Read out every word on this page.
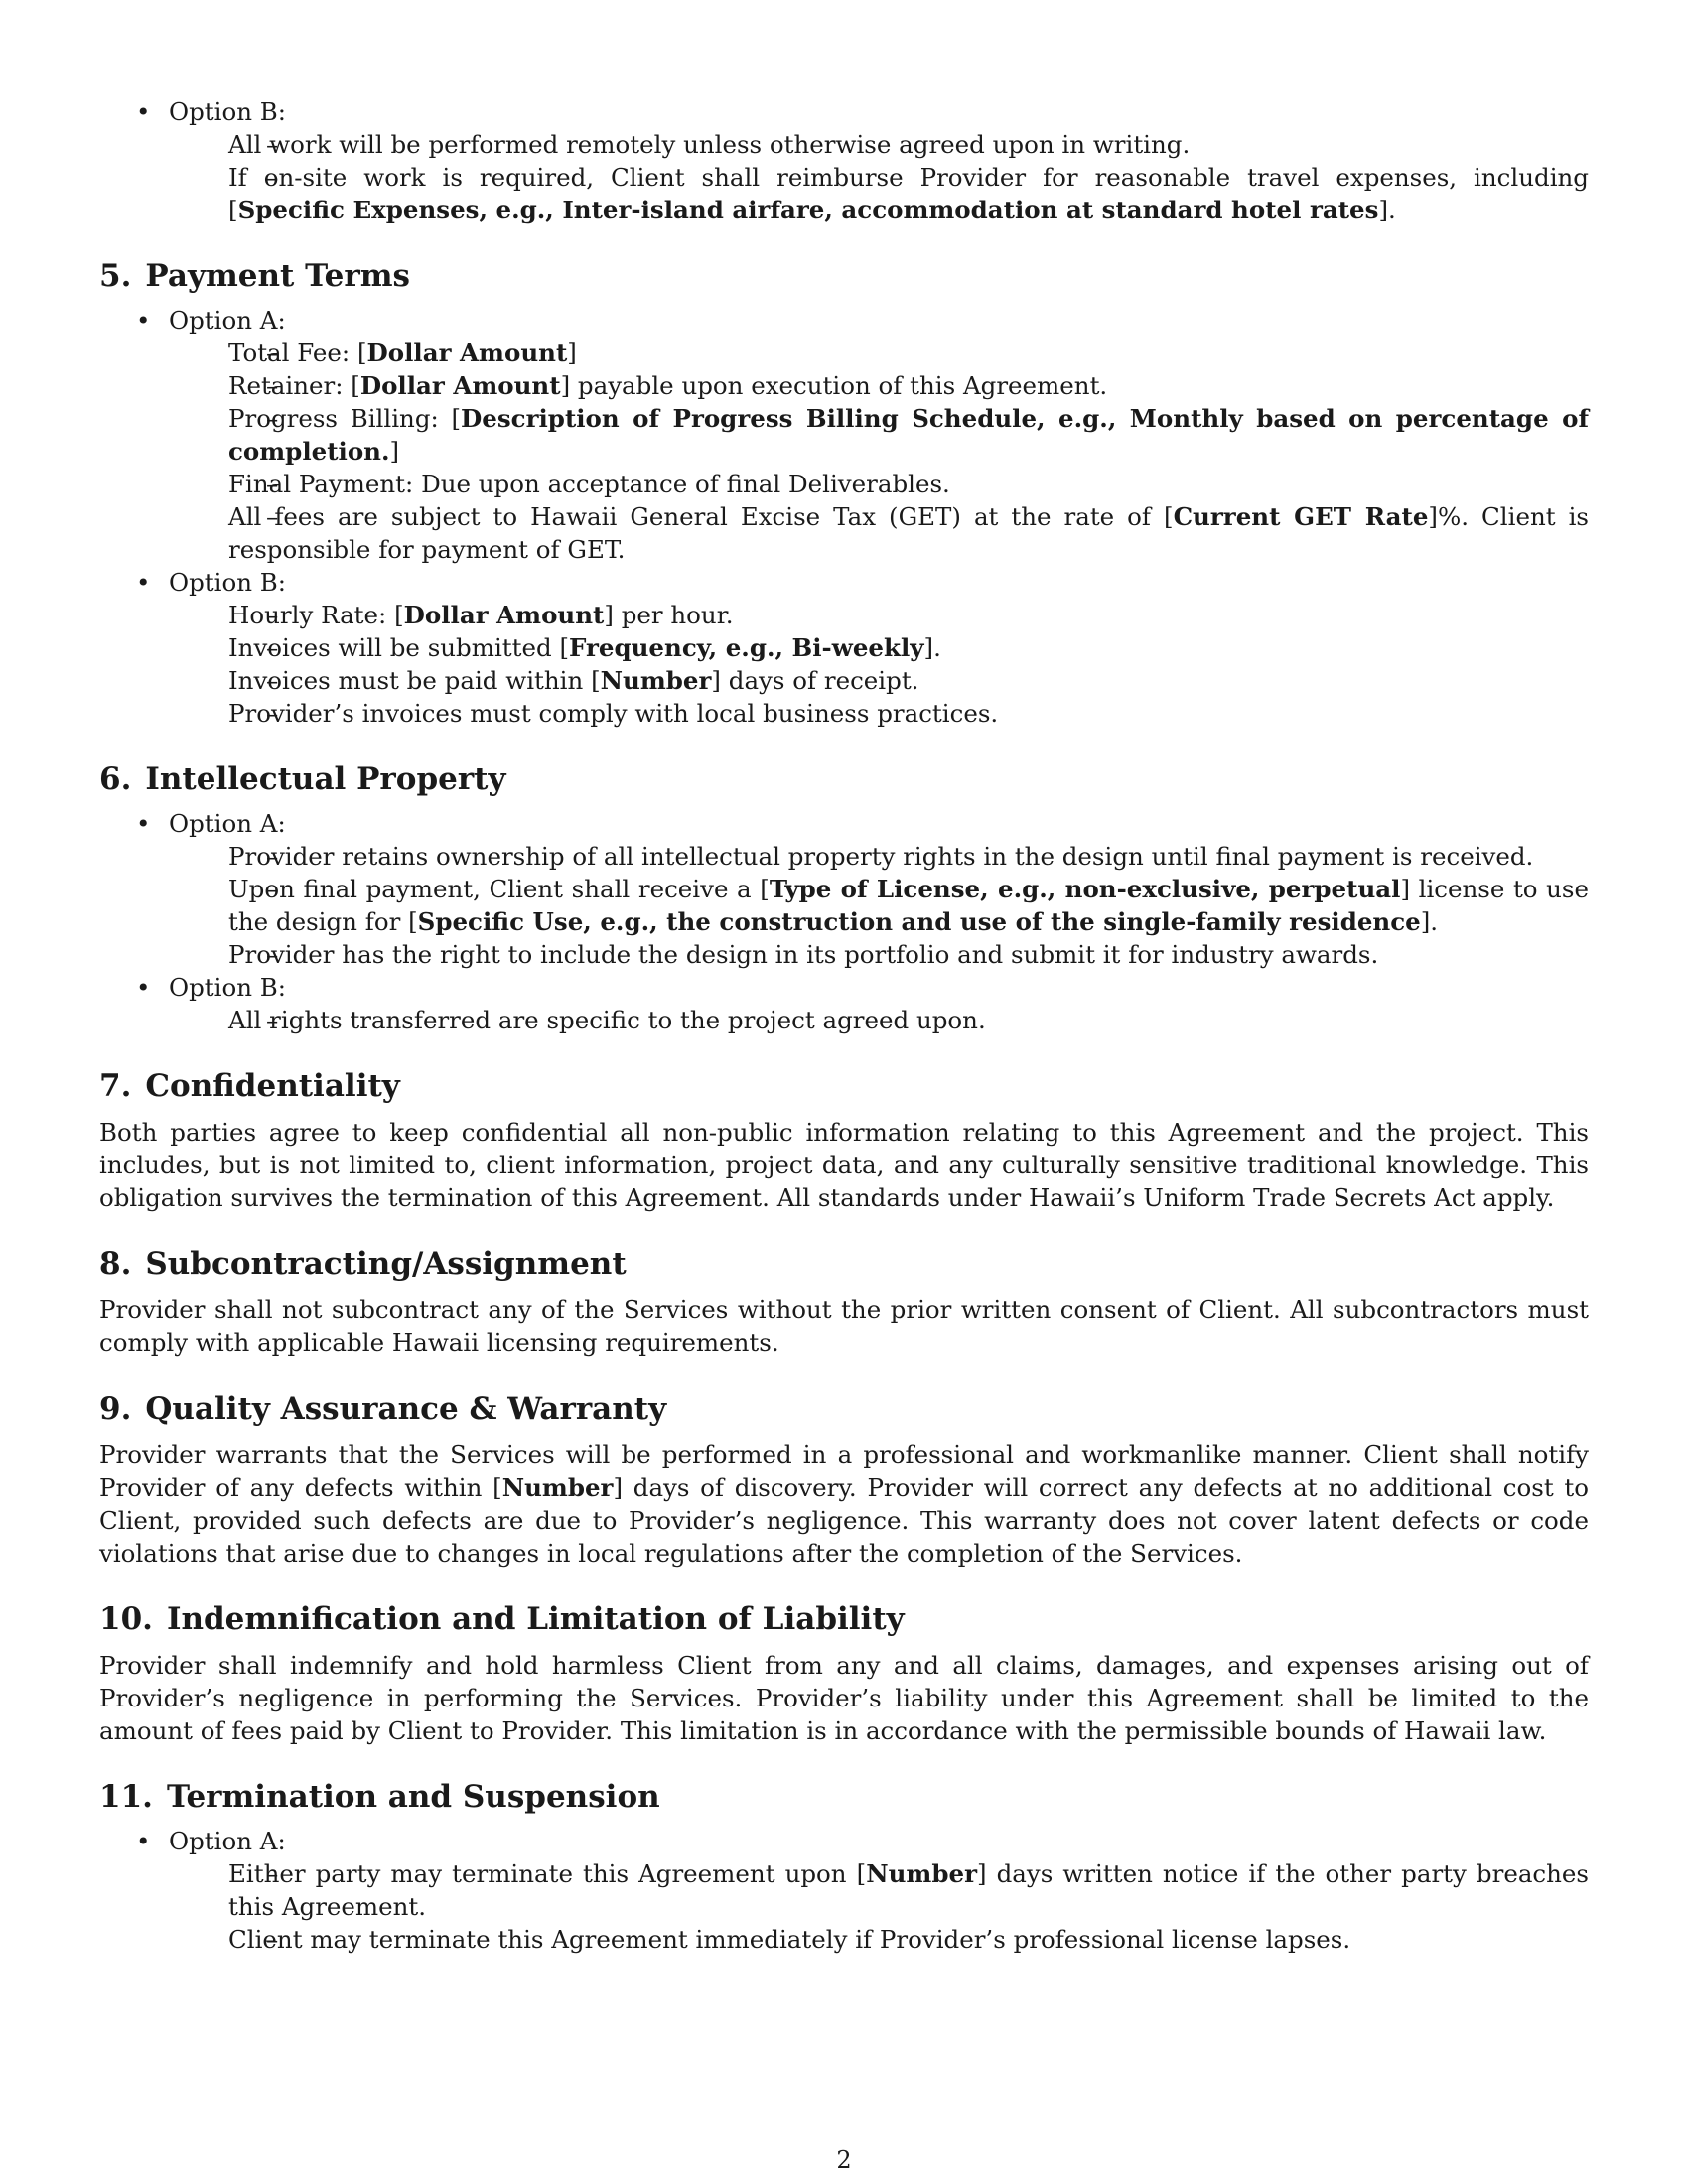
• Option B:
– All work will be performed remotely unless otherwise agreed upon in writing.
– If on-site work is required, Client shall reimburse Provider for reasonable travel expenses, including [Specific Expenses, e.g., Inter-island airfare, accommodation at standard hotel rates].
5. Payment Terms
• Option A:
– Total Fee: [Dollar Amount]
– Retainer: [Dollar Amount] payable upon execution of this Agreement.
– Progress Billing: [Description of Progress Billing Schedule, e.g., Monthly based on percentage of completion.]
– Final Payment: Due upon acceptance of final Deliverables.
– All fees are subject to Hawaii General Excise Tax (GET) at the rate of [Current GET Rate]%. Client is responsible for payment of GET.
• Option B:
– Hourly Rate: [Dollar Amount] per hour.
– Invoices will be submitted [Frequency, e.g., Bi-weekly].
– Invoices must be paid within [Number] days of receipt.
– Provider’s invoices must comply with local business practices.
6. Intellectual Property
• Option A:
– Provider retains ownership of all intellectual property rights in the design until final payment is received.
– Upon final payment, Client shall receive a [Type of License, e.g., non-exclusive, perpetual] license to use the design for [Specific Use, e.g., the construction and use of the single-family residence].
– Provider has the right to include the design in its portfolio and submit it for industry awards.
• Option B:
– All rights transferred are specific to the project agreed upon.
7. Confidentiality

Both parties agree to keep confidential all non-public information relating to this Agreement and the project. This includes, but is not limited to, client information, project data, and any culturally sensitive traditional knowledge. This obligation survives the termination of this Agreement. All standards under Hawaii’s Uniform Trade Secrets Act apply.

8. Subcontracting/Assignment

Provider shall not subcontract any of the Services without the prior written consent of Client. All subcontractors must comply with applicable Hawaii licensing requirements.

9. Quality Assurance & Warranty

Provider warrants that the Services will be performed in a professional and workmanlike manner. Client shall notify Provider of any defects within [Number] days of discovery. Provider will correct any defects at no additional cost to Client, provided such defects are due to Provider’s negligence. This warranty does not cover latent defects or code violations that arise due to changes in local regulations after the completion of the Services.

10. Indemnification and Limitation of Liability

Provider shall indemnify and hold harmless Client from any and all claims, damages, and expenses arising out of Provider’s negligence in performing the Services. Provider’s liability under this Agreement shall be limited to the amount of fees paid by Client to Provider. This limitation is in accordance with the permissible bounds of Hawaii law.

11. Termination and Suspension
• Option A:
– Either party may terminate this Agreement upon [Number] days written notice if the other party breaches this Agreement.
– Client may terminate this Agreement immediately if Provider’s professional license lapses.
2
